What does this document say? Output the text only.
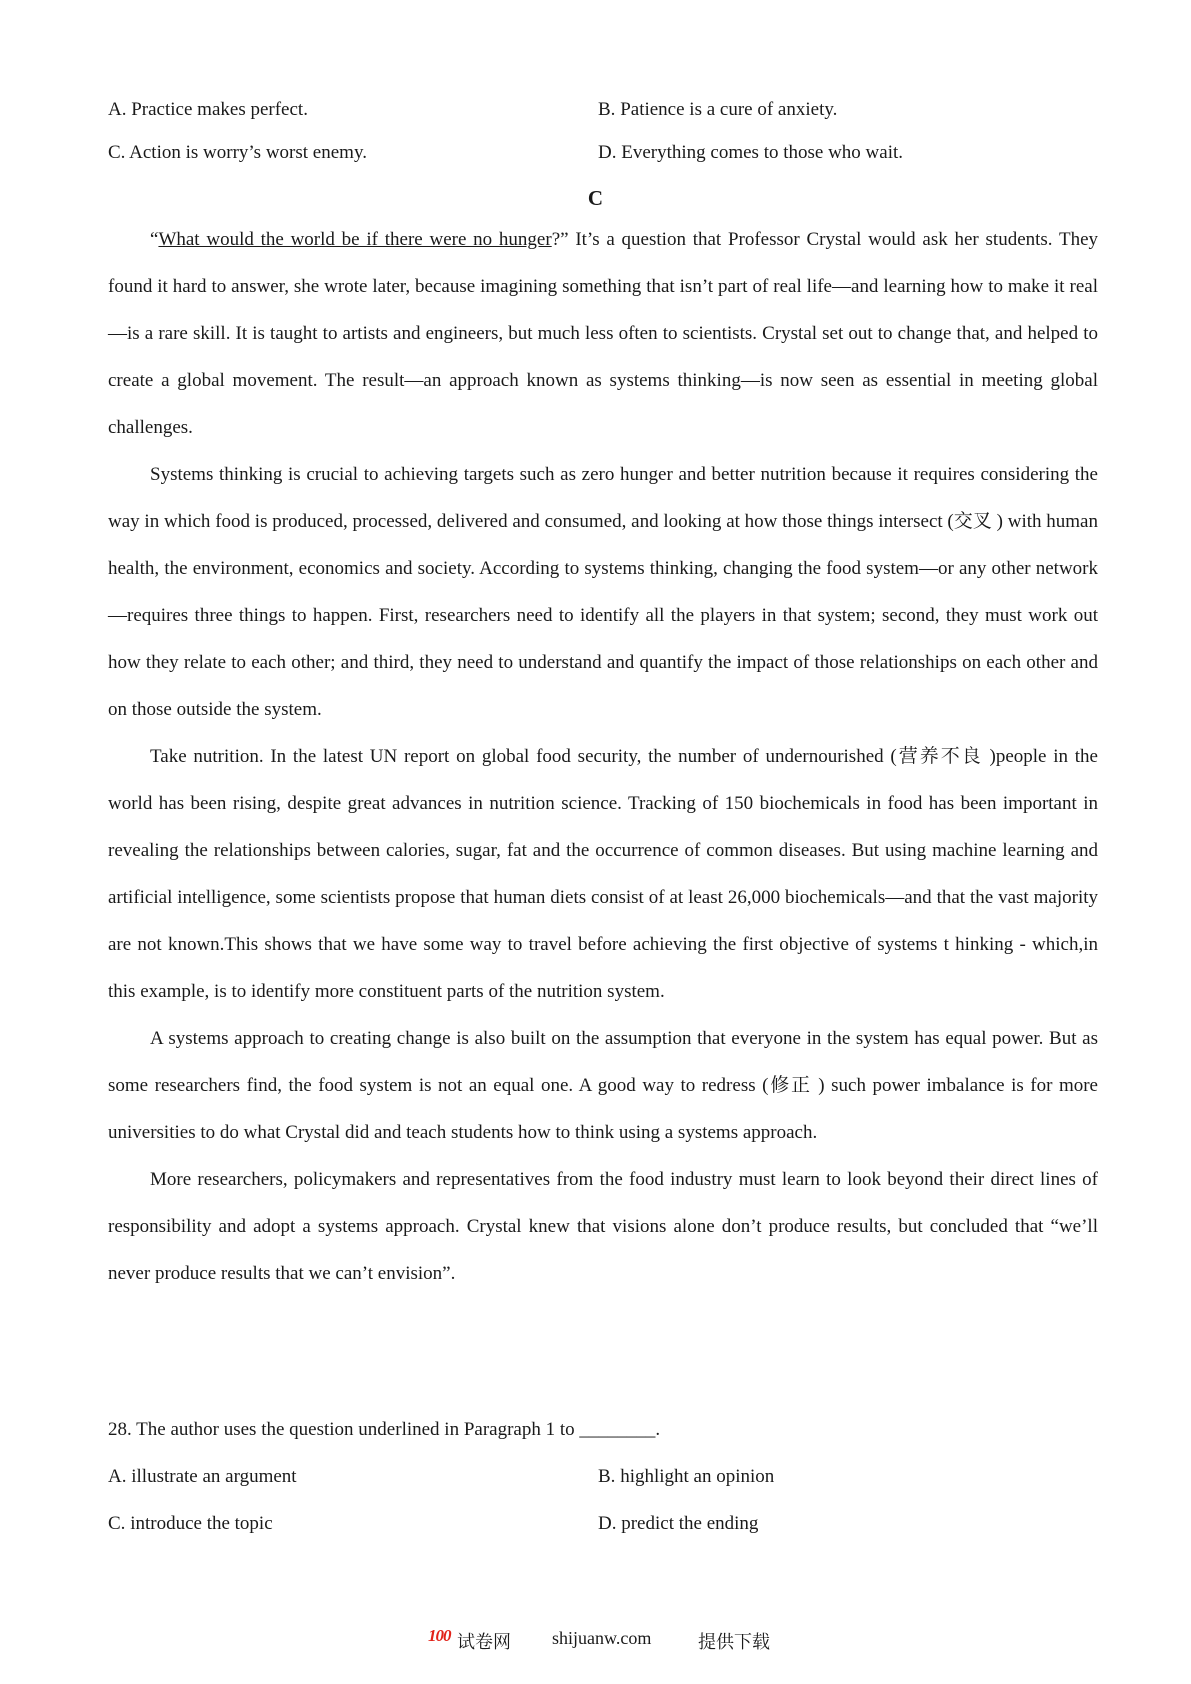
A. Practice makes perfect.	B. Patience is a cure of anxiety.
C. Action is worry’s worst enemy.	D. Everything comes to those who wait.
C

“What would the world be if there were no hunger?” It’s a question that Professor Crystal would ask her students. They found it hard to answer, she wrote later, because imagining something that isn’t part of real life—and learning how to make it real—is a rare skill. It is taught to artists and engineers, but much less often to scientists. Crystal set out to change that, and helped to create a global movement. The result—an approach known as systems thinking—is now seen as essential in meeting global challenges.

Systems thinking is crucial to achieving targets such as zero hunger and better nutrition because it requires considering the way in which food is produced, processed, delivered and consumed, and looking at how those things intersect (交叉 ) with human health, the environment, economics and society. According to systems thinking, changing the food system—or any other network—requires three things to happen. First, researchers need to identify all the players in that system; second, they must work out how they relate to each other; and third, they need to understand and quantify the impact of those relationships on each other and on those outside the system.

Take nutrition. In the latest UN report on global food security, the number of undernourished (营养不良 )people in the world has been rising, despite great advances in nutrition science. Tracking of 150 biochemicals in food has been important in revealing the relationships between calories, sugar, fat and the occurrence of common diseases. But using machine learning and artificial intelligence, some scientists propose that human diets consist of at least 26,000 biochemicals—and that the vast majority are not known.This shows that we have some way to travel before achieving the first objective of systems t hinking - which,in this example, is to identify more constituent parts of the nutrition system.

A systems approach to creating change is also built on the assumption that everyone in the system has equal power. But as some researchers find, the food system is not an equal one. A good way to redress (修正 ) such power imbalance is for more universities to do what Crystal did and teach students how to think using a systems approach.

More researchers, policymakers and representatives from the food industry must learn to look beyond their direct lines of responsibility and adopt a systems approach. Crystal knew that visions alone don’t produce results, but concluded that “we’ll never produce results that we can’t envision”.

28. The author uses the question underlined in Paragraph 1 to ________.
A. illustrate an argument	B. highlight an opinion
C. introduce the topic	D. predict the ending
100 试卷网 shijuanw.com	提供下载
